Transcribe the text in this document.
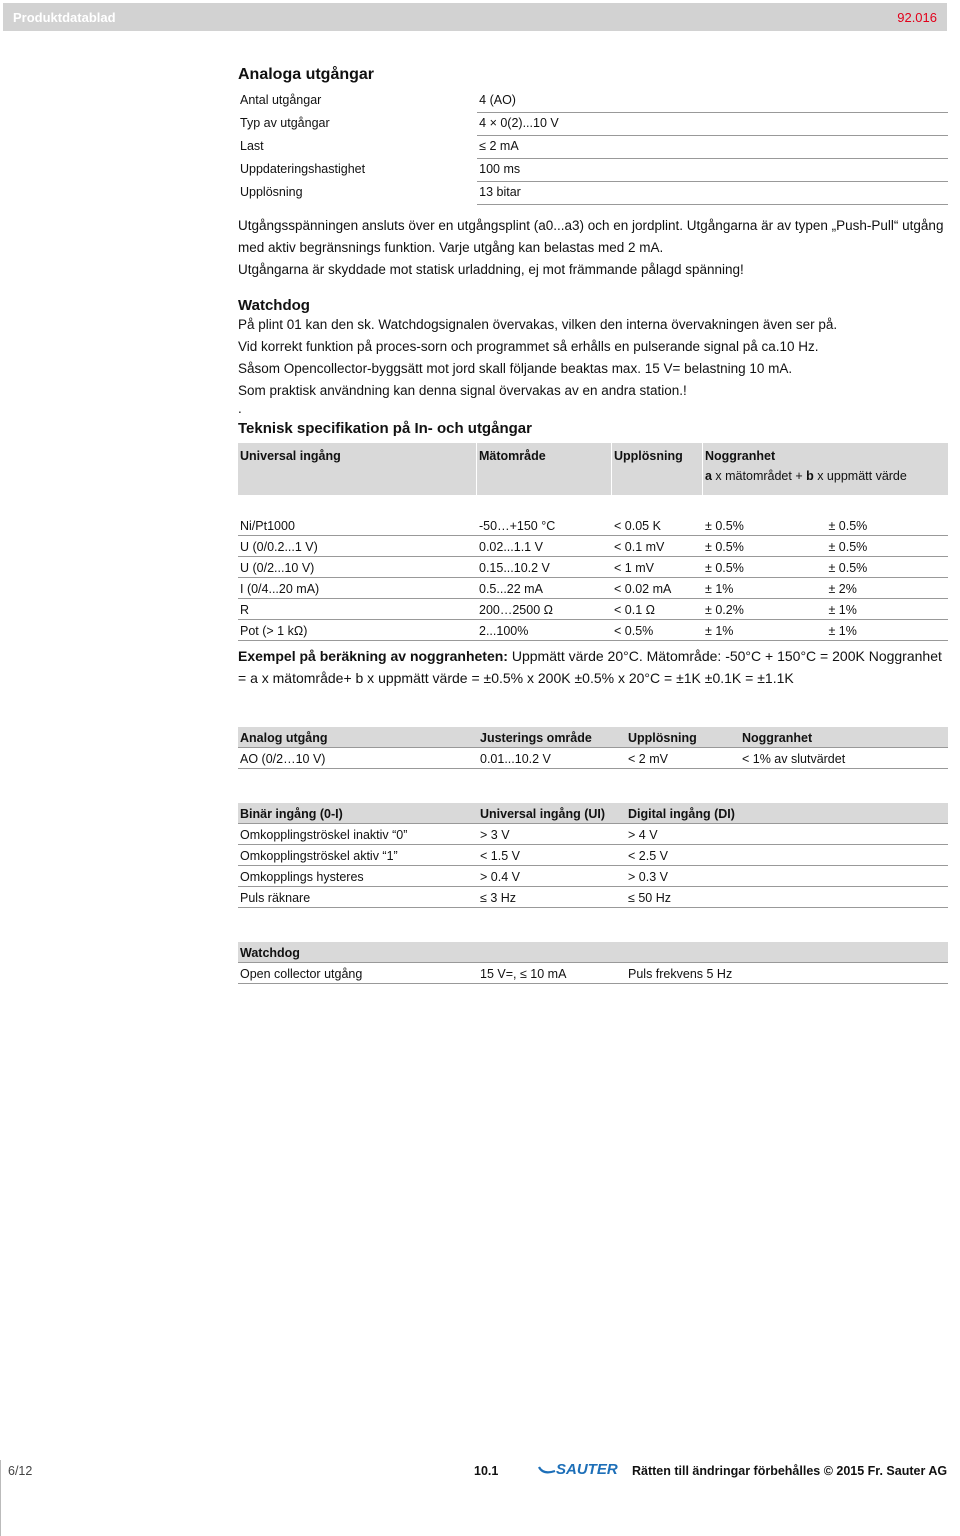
Produktdatablad	92.016
Analoga utgångar
Antal utgångar	4 (AO)
Typ av utgångar	4 × 0(2)...10 V
Last	≤ 2 mA
Uppdateringshastighet	100 ms
Upplösning	13 bitar

Utgångsspänningen ansluts över en utgångsplint (a0...a3) och en jordplint. Utgångarna är av typen „Push-Pull“ utgång med aktiv begränsnings funktion. Varje utgång kan belastas med 2 mA.

Utgångarna är skyddade mot statisk urladdning, ej mot främmande pålagd spänning!

Watchdog

På plint 01 kan den sk. Watchdogsignalen övervakas, vilken den interna övervakningen även ser på.

Vid korrekt funktion på proces-sorn och programmet så erhålls en pulserande signal på ca.10 Hz.

Såsom Opencollector-byggsätt mot jord skall följande beaktas max. 15 V= belastning 10 mA.

Som praktisk användning kan denna signal övervakas av en andra station.!

.

Teknisk specifikation på In- och utgångar
Universal ingång	Mätområde	Upplösning	Noggranhet
a x mätområdet + b x uppmätt värde	

Ni/Pt1000	-50…+150 °C	< 0.05 K	± 0.5%	± 0.5%
U (0/0.2...1 V)	0.02...1.1 V	< 0.1 mV	± 0.5%	± 0.5%
U (0/2...10 V)	0.15...10.2 V	< 1 mV	± 0.5%	± 0.5%
I (0/4...20 mA)	0.5...22 mA	< 0.02 mA	± 1%	± 2%
R	200…2500 Ω	< 0.1 Ω	± 0.2%	± 1%
Pot (> 1 kΩ)	2...100%	< 0.5%	± 1%	± 1%

Exempel på beräkning av noggranheten: Uppmätt värde 20°C. Mätområde: -50°C + 150°C = 200K Noggranhet = a x mätområde+ b x uppmätt värde = ±0.5% x 200K ±0.5% x 20°C = ±1K ±0.1K = ±1.1K

Analog utgång	Justerings område	Upplösning	Noggranhet
AO (0/2…10 V)	0.01...10.2 V	< 2 mV	< 1% av slutvärdet
Binär ingång (0-I)	Universal ingång (UI)	Digital ingång (DI)
Omkopplingströskel inaktiv “0”	> 3 V	> 4 V
Omkopplingströskel aktiv “1”	< 1.5 V	< 2.5 V
Omkopplings hysteres	> 0.4 V	> 0.3 V
Puls räknare	≤ 3 Hz	≤ 50 Hz
Watchdog
Open collector utgång	15 V=, ≤ 10 mA	Puls frekvens 5 Hz
6/12	10.1	SAUTER Rätten till ändringar förbehålles © 2015 Fr. Sauter AG
